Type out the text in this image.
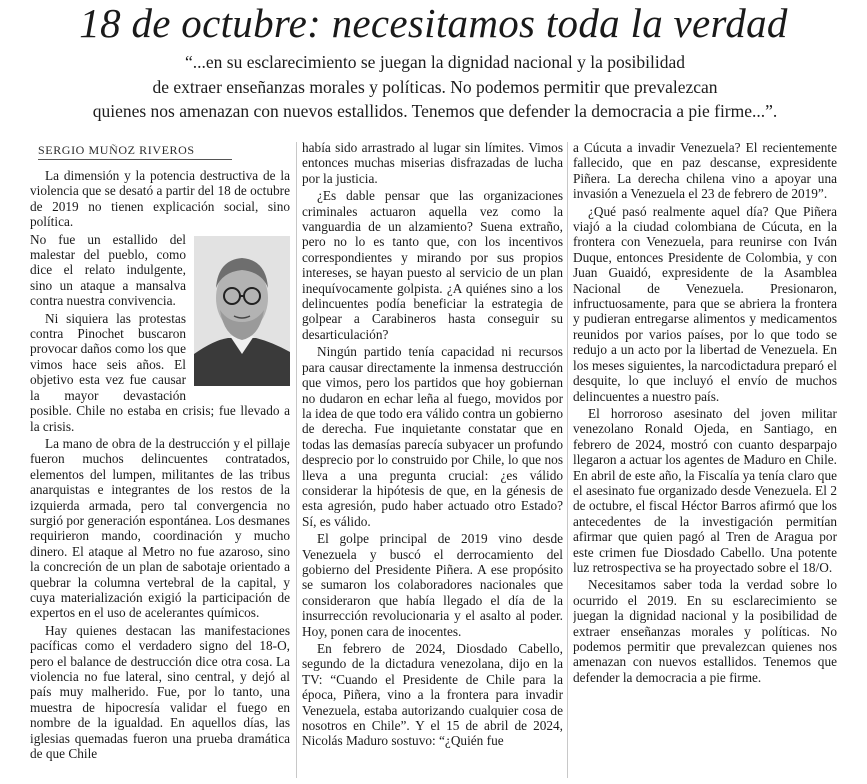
18 de octubre: necesitamos toda la verdad
“...en su esclarecimiento se juegan la dignidad nacional y la posibilidad
de extraer enseñanzas morales y políticas. No podemos permitir que prevalezcan
quienes nos amenazan con nuevos estallidos. Tenemos que defender la democracia a pie firme...”.
SERGIO MUÑOZ RIVEROS

La dimensión y la potencia destructiva de la violencia que se desató a partir del 18 de octubre de 2019 no tienen explicación social, sino política.

No fue un estallido del malestar del pueblo, como dice el relato indulgente, sino un ataque a mansalva contra nuestra convivencia.

Ni siquiera las protestas contra Pinochet buscaron provocar daños como los que vimos hace seis años. El objetivo esta vez fue causar la mayor devastación posible. Chile no estaba en crisis; fue llevado a la crisis.

La mano de obra de la destrucción y el pillaje fueron muchos delincuentes contratados, elementos del lumpen, militantes de las tribus anarquistas e integrantes de los restos de la izquierda armada, pero tal convergencia no surgió por generación espontánea. Los desmanes requirieron mando, coordinación y mucho dinero. El ataque al Metro no fue azaroso, sino la concreción de un plan de sabotaje orientado a quebrar la columna vertebral de la capital, y cuya materialización exigió la participación de expertos en el uso de acelerantes químicos.

Hay quienes destacan las manifestaciones pacíficas como el verdadero signo del 18-O, pero el balance de destrucción dice otra cosa. La violencia no fue lateral, sino central, y dejó al país muy malherido. Fue, por lo tanto, una muestra de hipocresía validar el fuego en nombre de la igualdad. En aquellos días, las iglesias quemadas fueron una prueba dramática de que Chile

había sido arrastrado al lugar sin límites. Vimos entonces muchas miserias disfrazadas de lucha por la justicia.

¿Es dable pensar que las organizaciones criminales actuaron aquella vez como la vanguardia de un alzamiento? Suena extraño, pero no lo es tanto que, con los incentivos correspondientes y mirando por sus propios intereses, se hayan puesto al servicio de un plan inequívocamente golpista. ¿A quiénes sino a los delincuentes podía beneficiar la estrategia de golpear a Carabineros hasta conseguir su desarticulación?

Ningún partido tenía capacidad ni recursos para causar directamente la inmensa destrucción que vimos, pero los partidos que hoy gobiernan no dudaron en echar leña al fuego, movidos por la idea de que todo era válido contra un gobierno de derecha. Fue inquietante constatar que en todas las demasías parecía subyacer un profundo desprecio por lo construido por Chile, lo que nos lleva a una pregunta crucial: ¿es válido considerar la hipótesis de que, en la génesis de esta agresión, pudo haber actuado otro Estado? Sí, es válido.

El golpe principal de 2019 vino desde Venezuela y buscó el derrocamiento del gobierno del Presidente Piñera. A ese propósito se sumaron los colaboradores nacionales que consideraron que había llegado el día de la insurrección revolucionaria y el asalto al poder. Hoy, ponen cara de inocentes.

En febrero de 2024, Diosdado Cabello, segundo de la dictadura venezolana, dijo en la TV: “Cuando el Presidente de Chile para la época, Piñera, vino a la frontera para invadir Venezuela, estaba autorizando cualquier cosa de nosotros en Chile”. Y el 15 de abril de 2024, Nicolás Maduro sostuvo: “¿Quién fue

a Cúcuta a invadir Venezuela? El recientemente fallecido, que en paz descanse, expresidente Piñera. La derecha chilena vino a apoyar una invasión a Venezuela el 23 de febrero de 2019”.

¿Qué pasó realmente aquel día? Que Piñera viajó a la ciudad colombiana de Cúcuta, en la frontera con Venezuela, para reunirse con Iván Duque, entonces Presidente de Colombia, y con Juan Guaidó, expresidente de la Asamblea Nacional de Venezuela. Presionaron, infructuosamente, para que se abriera la frontera y pudieran entregarse alimentos y medicamentos reunidos por varios países, por lo que todo se redujo a un acto por la libertad de Venezuela. En los meses siguientes, la narcodictadura preparó el desquite, lo que incluyó el envío de muchos delincuentes a nuestro país.

El horroroso asesinato del joven militar venezolano Ronald Ojeda, en Santiago, en febrero de 2024, mostró con cuanto desparpajo llegaron a actuar los agentes de Maduro en Chile. En abril de este año, la Fiscalía ya tenía claro que el asesinato fue organizado desde Venezuela. El 2 de octubre, el fiscal Héctor Barros afirmó que los antecedentes de la investigación permitían afirmar que quien pagó al Tren de Aragua por este crimen fue Diosdado Cabello. Una potente luz retrospectiva se ha proyectado sobre el 18/O.

Necesitamos saber toda la verdad sobre lo ocurrido el 2019. En su esclarecimiento se juegan la dignidad nacional y la posibilidad de extraer enseñanzas morales y políticas. No podemos permitir que prevalezcan quienes nos amenazan con nuevos estallidos. Tenemos que defender la democracia a pie firme.
